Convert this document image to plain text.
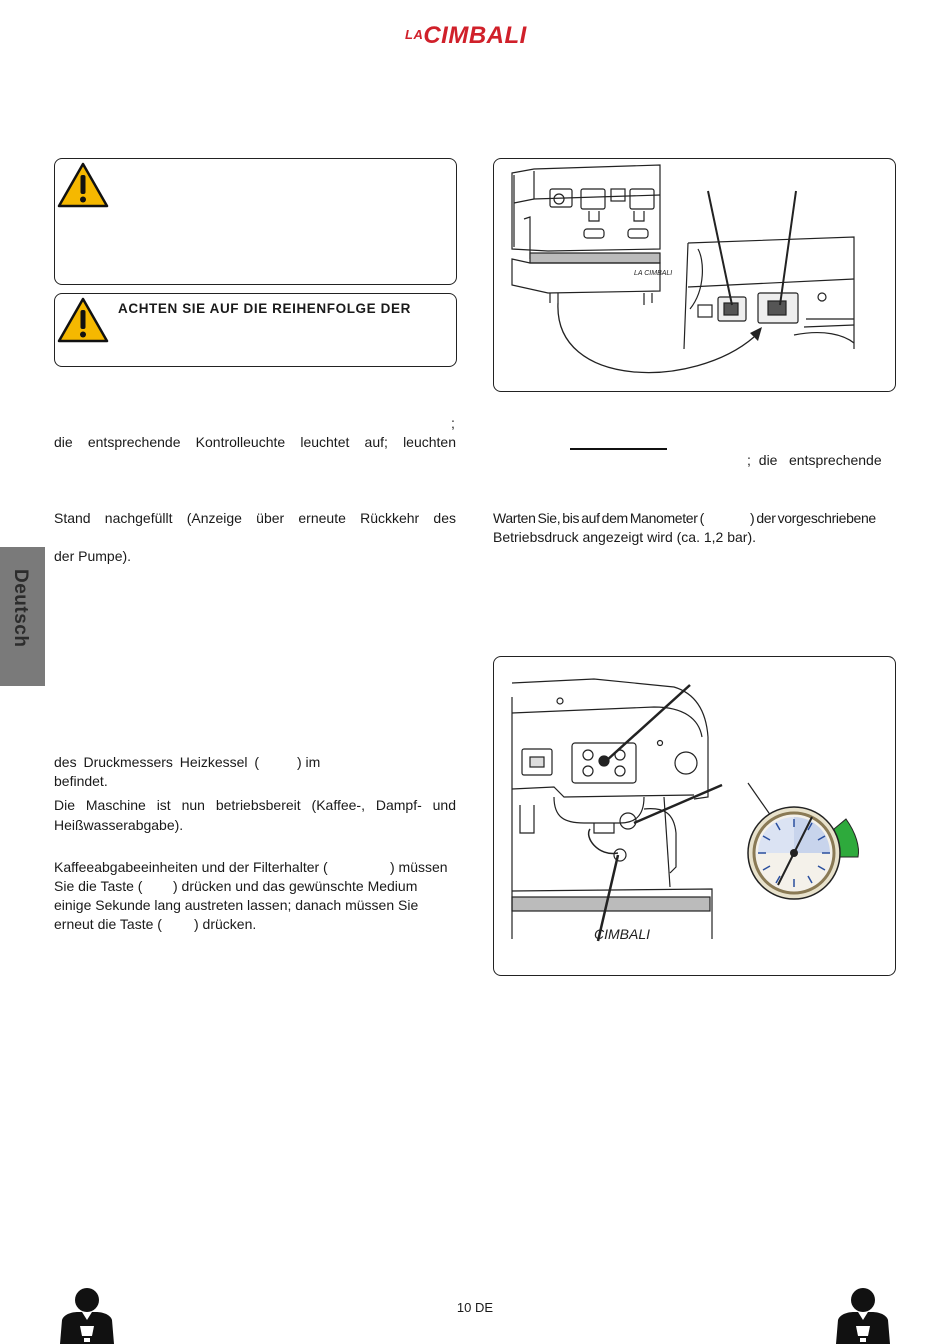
$^{LA}$CIMBALI
ACHTEN SIE AUF DIE REIHENFOLGE DER
LA CIMBALI
;
die entsprechende Kontrolleuchte leuchtet auf; leuchten
Stand nachgefüllt (Anzeige über erneute Rückkehr des
der Pumpe).
Deutsch
des Druckmessers Heizkessel (	) im
befindet.
Die Maschine ist nun betriebsbereit (Kaffee-, Dampf- und Heißwasserabgabe).
Kaffeeabgabeeinheiten und der Filterhalter (	) müssen
Sie die Taste ( ) drücken und das gewünschte Medium
einige Sekunde lang austreten lassen; danach müssen Sie
erneut die Taste ( ) drücken.
; die entsprechende
Warten Sie, bis auf dem Manometer (	) der vorgeschriebene
Betriebsdruck angezeigt wird (ca. 1,2 bar).
CIMBALI
10 DE
